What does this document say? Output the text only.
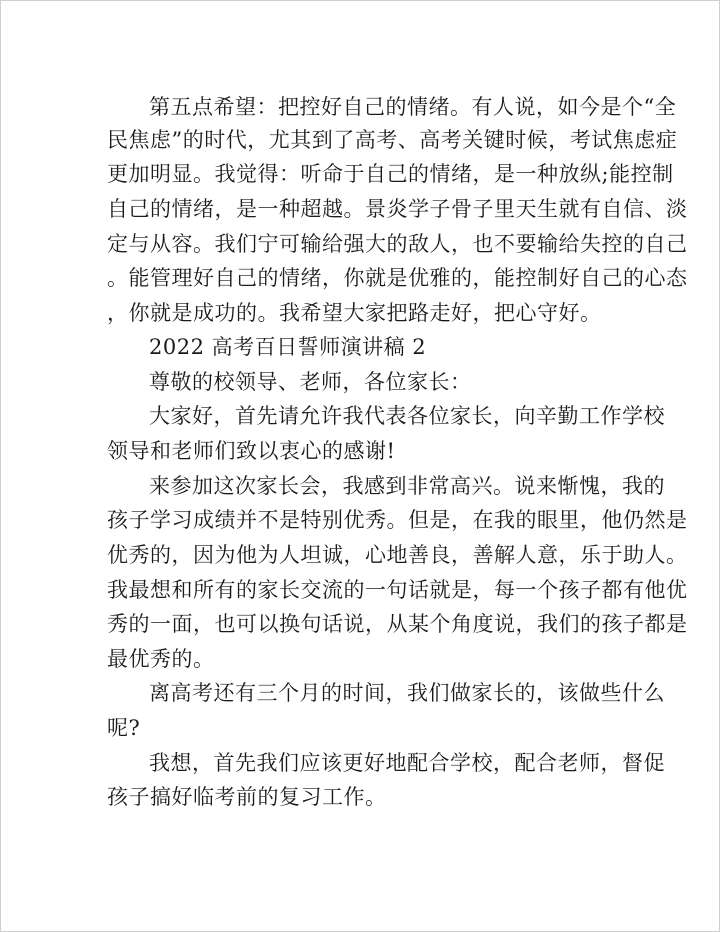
第五点希望：把控好自己的情绪。有人说，如今是个“全
民焦虑”的时代，尤其到了高考、高考关键时候，考试焦虑症
更加明显。我觉得：听命于自己的情绪，是一种放纵;能控制
自己的情绪，是一种超越。景炎学子骨子里天生就有自信、淡
定与从容。我们宁可输给强大的敌人，也不要输给失控的自己
。能管理好自己的情绪，你就是优雅的，能控制好自己的心态
，你就是成功的。我希望大家把路走好，把心守好。
2022 高考百日誓师演讲稿 2
尊敬的校领导、老师，各位家长：
大家好，首先请允许我代表各位家长，向辛勤工作学校
领导和老师们致以衷心的感谢!
来参加这次家长会，我感到非常高兴。说来惭愧，我的
孩子学习成绩并不是特别优秀。但是，在我的眼里，他仍然是
优秀的，因为他为人坦诚，心地善良，善解人意，乐于助人。
我最想和所有的家长交流的一句话就是，每一个孩子都有他优
秀的一面，也可以换句话说，从某个角度说，我们的孩子都是
最优秀的。
离高考还有三个月的时间，我们做家长的，该做些什么
呢?
我想，首先我们应该更好地配合学校，配合老师，督促
孩子搞好临考前的复习工作。
